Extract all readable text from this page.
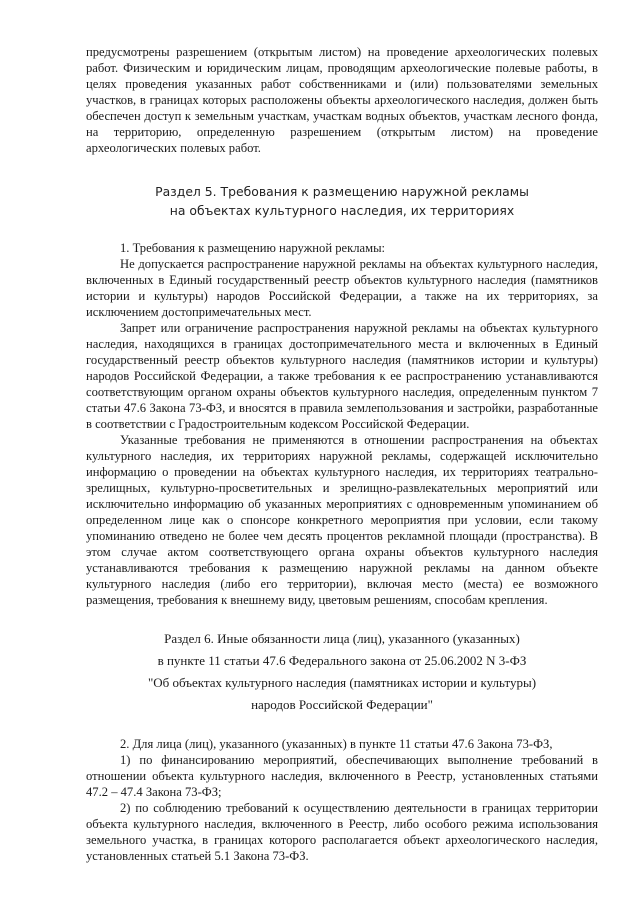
предусмотрены разрешением (открытым листом) на проведение археологических полевых работ. Физическим и юридическим лицам, проводящим археологические полевые работы, в целях проведения указанных работ собственниками и (или) пользователями земельных участков, в границах которых расположены объекты археологического наследия, должен быть обеспечен доступ к земельным участкам, участкам водных объектов, участкам лесного фонда, на территорию, определенную разрешением (открытым листом) на проведение археологических полевых работ.

Раздел 5. Требования к размещению наружной рекламы
на объектах культурного наследия, их территориях

1. Требования к размещению наружной рекламы:

Не допускается распространение наружной рекламы на объектах культурного наследия, включенных в Единый государственный реестр объектов культурного наследия (памятников истории и культуры) народов Российской Федерации, а также на их территориях, за исключением достопримечательных мест.

Запрет или ограничение распространения наружной рекламы на объектах культурного наследия, находящихся в границах достопримечательного места и включенных в Единый государственный реестр объектов культурного наследия (памятников истории и культуры) народов Российской Федерации, а также требования к ее распространению устанавливаются соответствующим органом охраны объектов культурного наследия, определенным пунктом 7 статьи 47.6 Закона 73-ФЗ, и вносятся в правила землепользования и застройки, разработанные в соответствии с Градостроительным кодексом Российской Федерации.

Указанные требования не применяются в отношении распространения на объектах культурного наследия, их территориях наружной рекламы, содержащей исключительно информацию о проведении на объектах культурного наследия, их территориях театрально-зрелищных, культурно-просветительных и зрелищно-развлекательных мероприятий или исключительно информацию об указанных мероприятиях с одновременным упоминанием об определенном лице как о спонсоре конкретного мероприятия при условии, если такому упоминанию отведено не более чем десять процентов рекламной площади (пространства). В этом случае актом соответствующего органа охраны объектов культурного наследия устанавливаются требования к размещению наружной рекламы на данном объекте культурного наследия (либо его территории), включая место (места) ее возможного размещения, требования к внешнему виду, цветовым решениям, способам крепления.

Раздел 6. Иные обязанности лица (лиц), указанного (указанных)
в пункте 11 статьи 47.6 Федерального закона от 25.06.2002 N 3-ФЗ
"Об объектах культурного наследия (памятниках истории и культуры)
народов Российской Федерации"

2. Для лица (лиц), указанного (указанных) в пункте 11 статьи 47.6 Закона 73-ФЗ,

1) по финансированию мероприятий, обеспечивающих выполнение требований в отношении объекта культурного наследия, включенного в Реестр, установленных статьями 47.2 – 47.4 Закона 73-ФЗ;

2) по соблюдению требований к осуществлению деятельности в границах территории объекта культурного наследия, включенного в Реестр, либо особого режима использования земельного участка, в границах которого располагается объект археологического наследия, установленных статьей 5.1 Закона 73-ФЗ.
